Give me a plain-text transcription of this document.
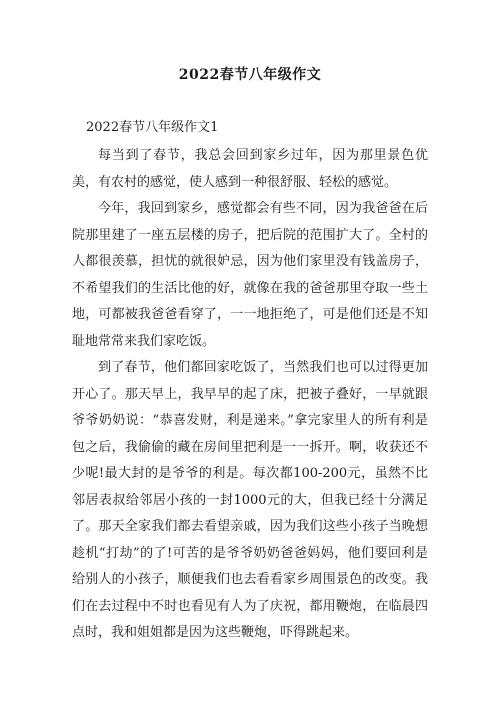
2022春节八年级作文
2022春节八年级作文1

每当到了春节，我总会回到家乡过年，因为那里景色优美，有农村的感觉，使人感到一种很舒服、轻松的感觉。

今年，我回到家乡，感觉都会有些不同，因为我爸爸在后院那里建了一座五层楼的房子，把后院的范围扩大了。全村的人都很羡慕，担忧的就很妒忌，因为他们家里没有钱盖房子，不希望我们的生活比他的好，就像在我的爸爸那里夺取一些土地，可都被我爸爸看穿了，一一地拒绝了，可是他们还是不知耻地常常来我们家吃饭。

到了春节，他们都回家吃饭了，当然我们也可以过得更加开心了。那天早上，我早早的起了床，把被子叠好，一早就跟爷爷奶奶说：“恭喜发财，利是递来。”拿完家里人的所有利是包之后，我偷偷的藏在房间里把利是一一拆开。啊，收获还不少呢!最大封的是爷爷的利是。每次都100-200元，虽然不比邻居表叔给邻居小孩的一封1000元的大，但我已经十分满足了。那天全家我们都去看望亲戚，因为我们这些小孩子当晚想趁机“打劫”的了!可苦的是爷爷奶奶爸爸妈妈，他们要回利是给别人的小孩子，顺便我们也去看看家乡周围景色的改变。我们在去过程中不时也看见有人为了庆祝，都用鞭炮，在临晨四点时，我和姐姐都是因为这些鞭炮，吓得跳起来。
